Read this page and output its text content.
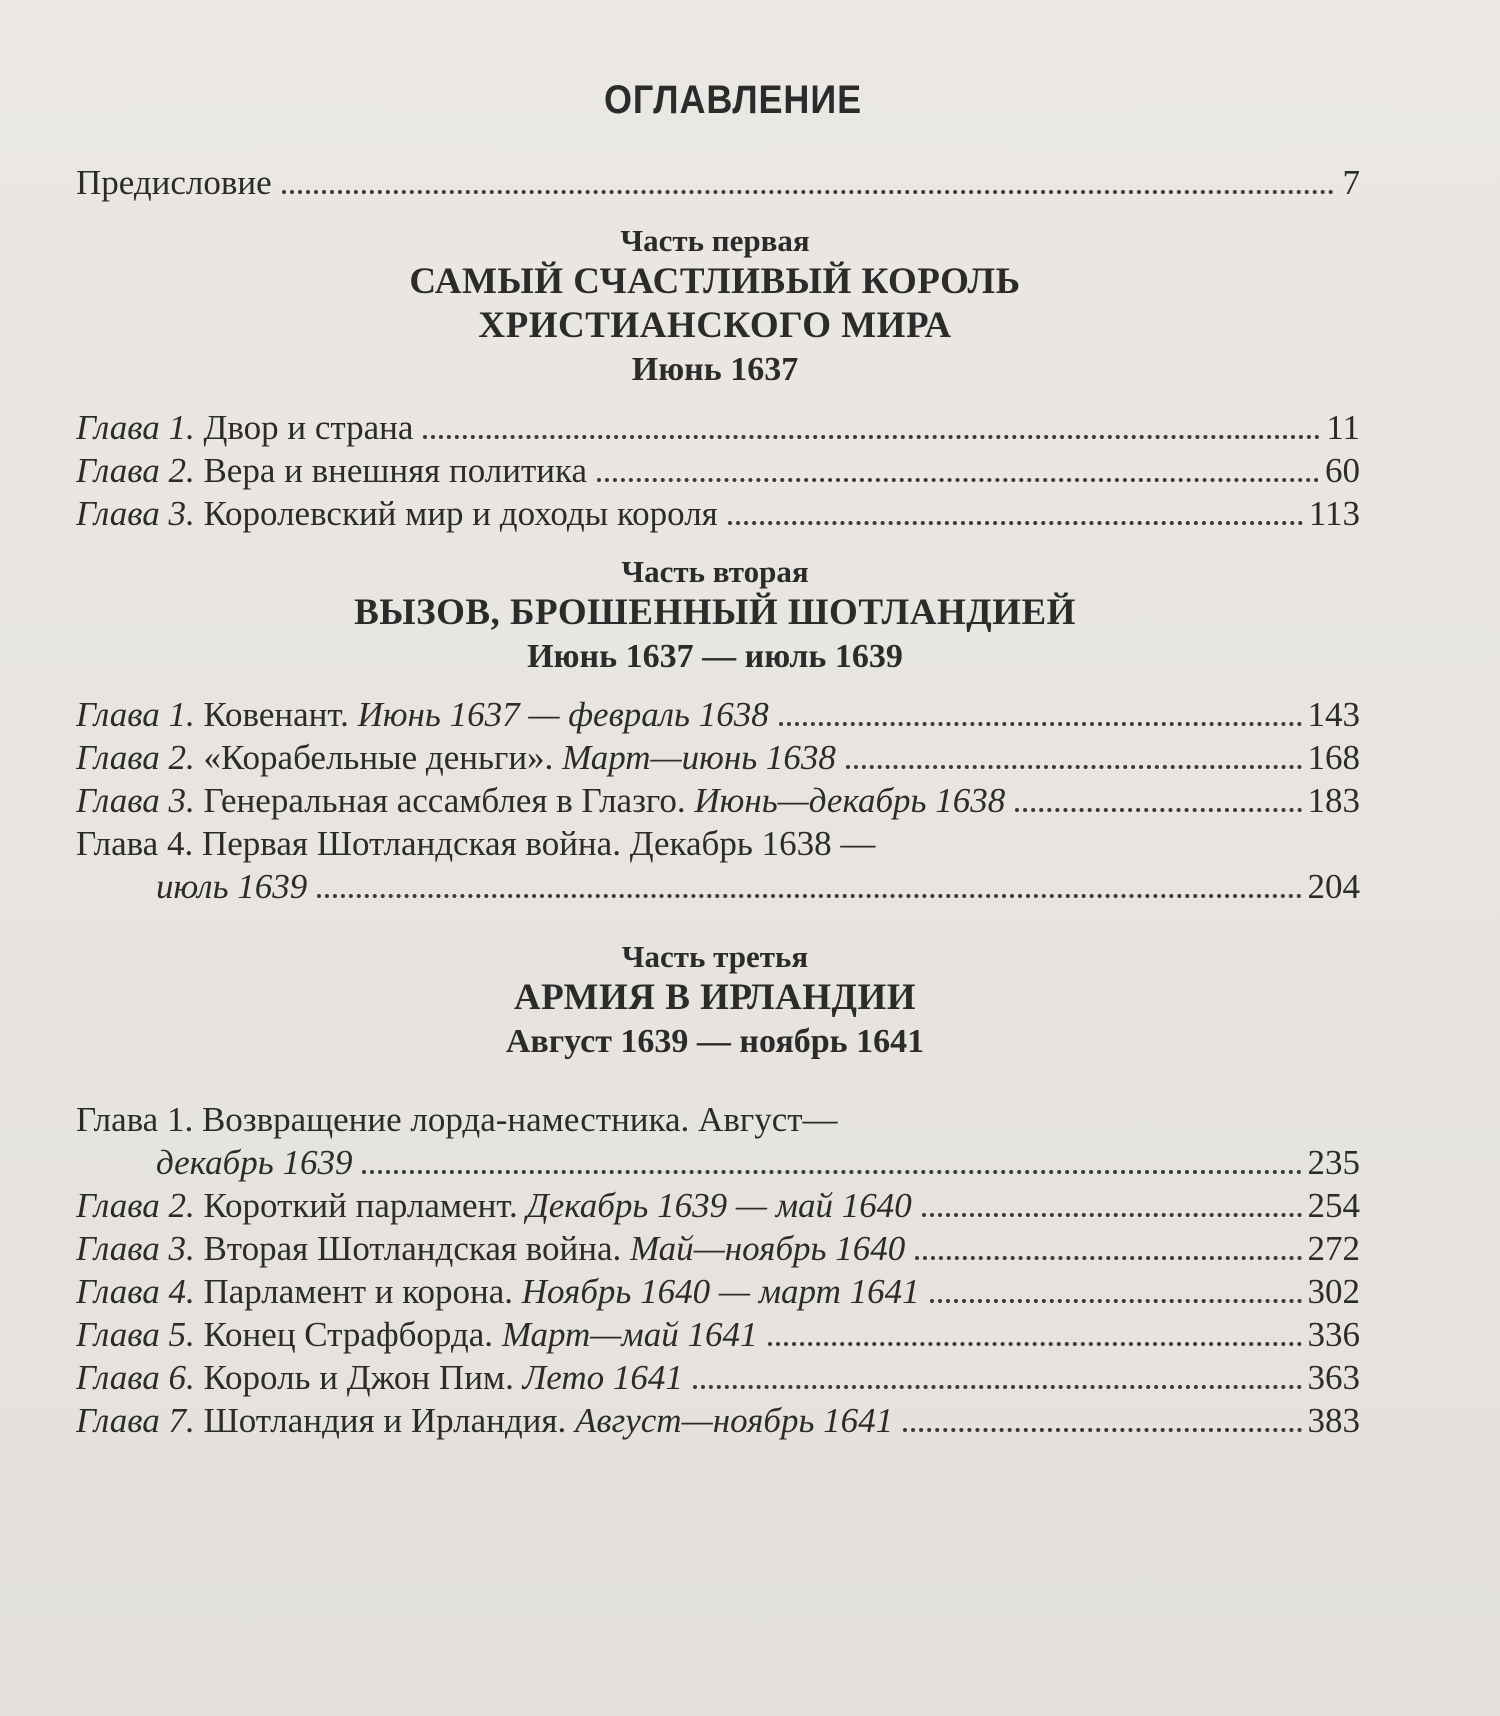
ОГЛАВЛЕНИЕ
Предисловие	7
Часть первая
САМЫЙ СЧАСТЛИВЫЙ КОРОЛЬ
ХРИСТИАНСКОГО МИРА
Июнь 1637
Глава 1. Двор и страна	11
Глава 2. Вера и внешняя политика	60
Глава 3. Королевский мир и доходы короля	113
Часть вторая
ВЫЗОВ, БРОШЕННЫЙ ШОТЛАНДИЕЙ
Июнь 1637 — июль 1639
Глава 1. Ковенант. Июнь 1637 — февраль 1638	143
Глава 2. «Корабельные деньги». Март—июнь 1638	168
Глава 3. Генеральная ассамблея в Глазго. Июнь—декабрь 1638	183
Глава 4. Первая Шотландская война. Декабрь 1638 —
июль 1639	204
Часть третья
АРМИЯ В ИРЛАНДИИ
Август 1639 — ноябрь 1641
Глава 1. Возвращение лорда-наместника. Август—
декабрь 1639	235
Глава 2. Короткий парламент. Декабрь 1639 — май 1640	254
Глава 3. Вторая Шотландская война. Май—ноябрь 1640	272
Глава 4. Парламент и корона. Ноябрь 1640 — март 1641	302
Глава 5. Конец Страфборда. Март—май 1641	336
Глава 6. Король и Джон Пим. Лето 1641	363
Глава 7. Шотландия и Ирландия. Август—ноябрь 1641	383
